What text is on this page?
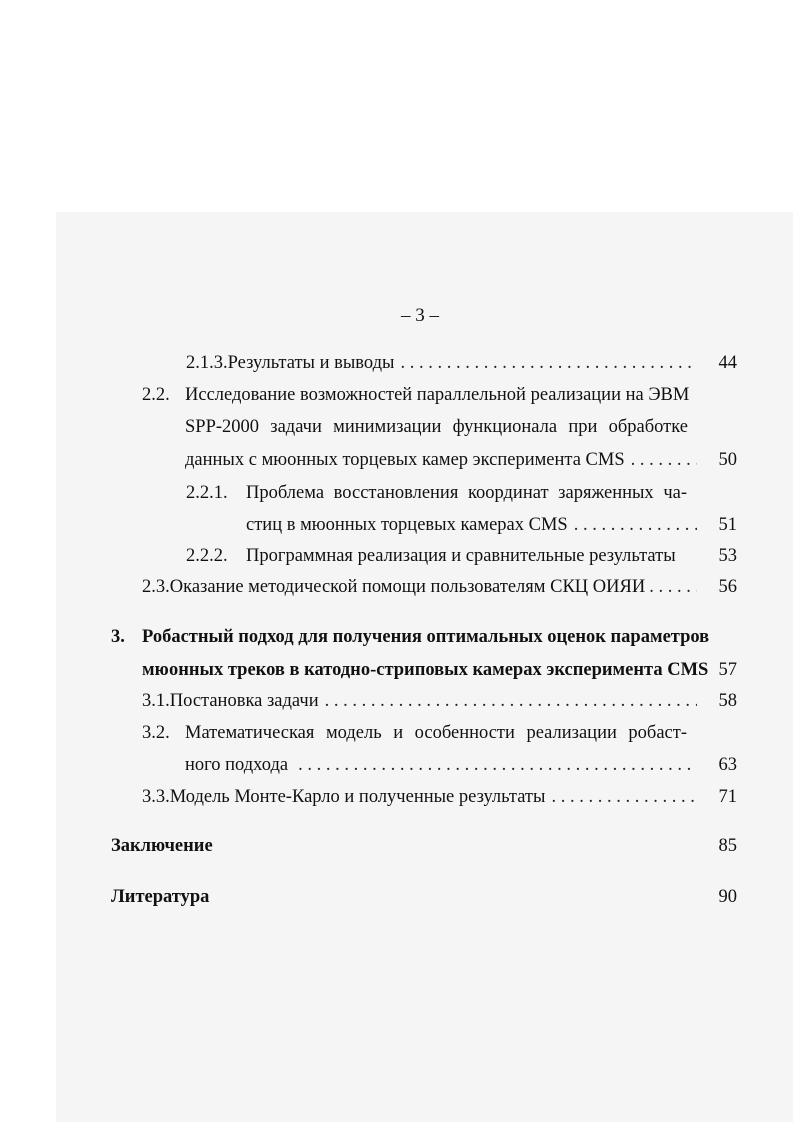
– 3 –
2.1.3. Результаты и выводы . . .	44
2.2. Исследование возможностей параллельной реализации на ЭВМ
SPP-2000 задачи минимизации функционала при обработке
данных с мюонных торцевых камер эксперимента CMS . . .	50
2.2.1. Проблема восстановления координат заряженных ча-
стиц в мюонных торцевых камерах CMS . . .	51
2.2.2. Программная реализация и сравнительные результаты 53
2.3. Оказание методической помощи пользователям СКЦ ОИЯИ . . .	56
3. Робастный подход для получения оптимальных оценок параметров
мюонных треков в катодно-стриповых камерах эксперимента CMS 57
3.1. Постановка задачи . . .	58
3.2. Математическая модель и особенности реализации робаст-
ного подхода . . .	63
3.3. Модель Монте-Карло и полученные результаты . . .	71
Заключение	85
Литература	90
